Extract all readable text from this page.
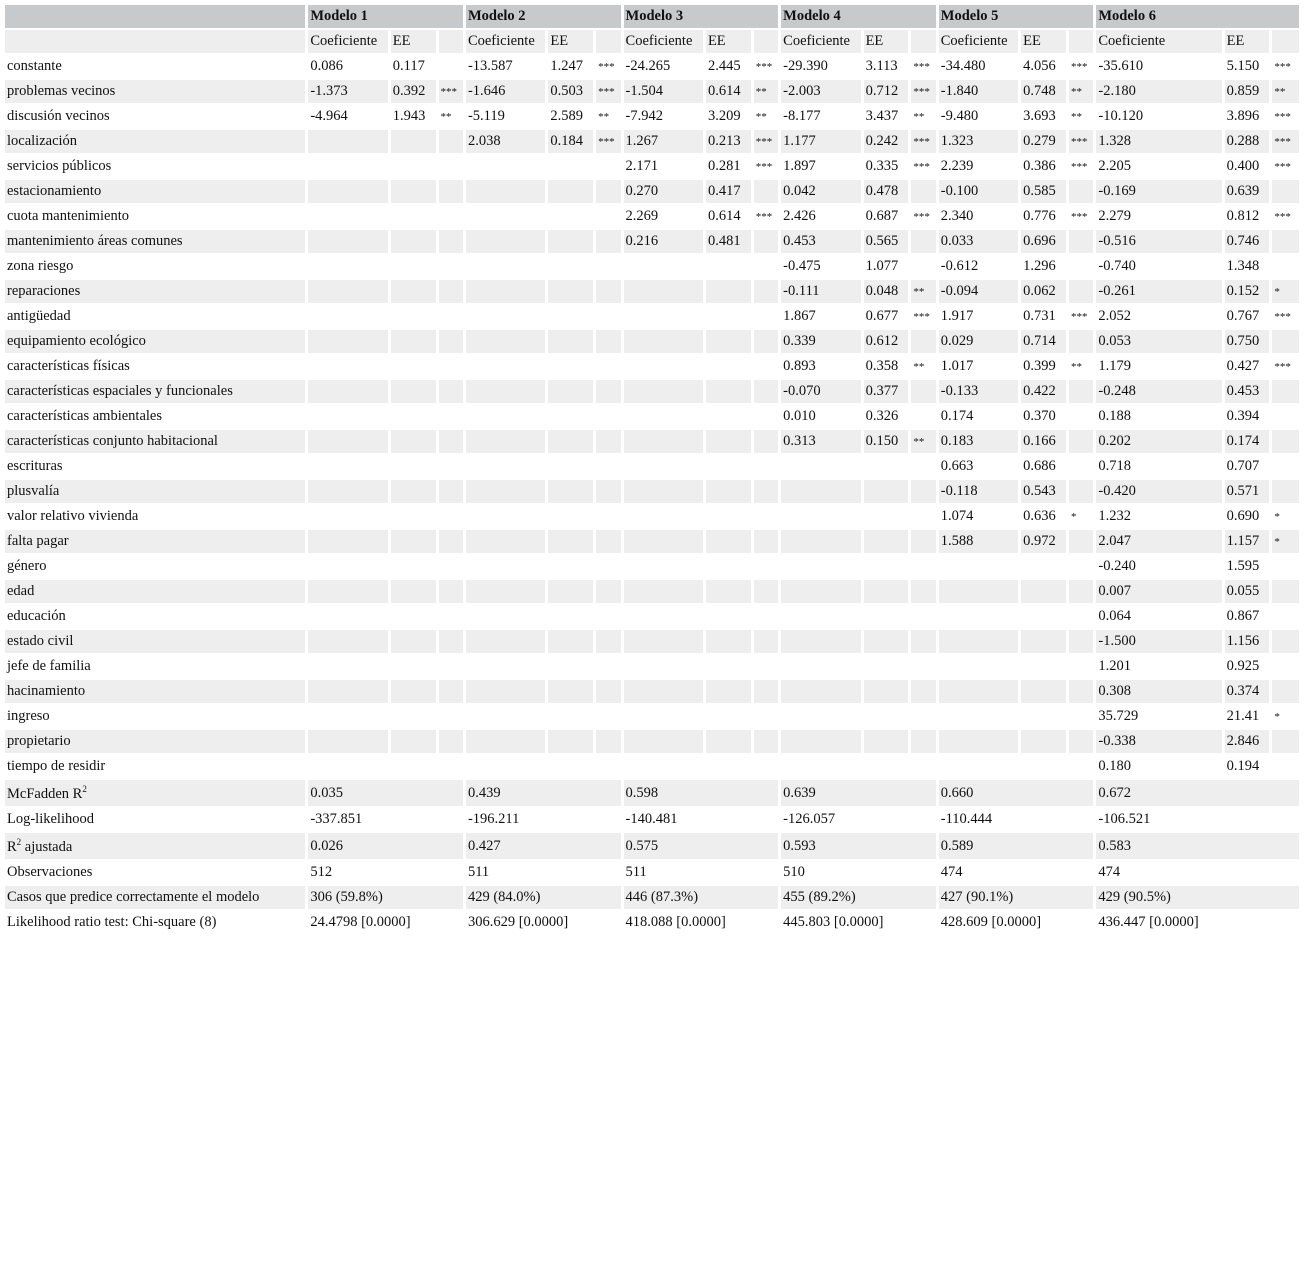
	Modelo 1			Modelo 2			Modelo 3			Modelo 4			Modelo 5			Modelo 6		
	Coeficiente	EE		Coeficiente	EE		Coeficiente	EE		Coeficiente	EE		Coeficiente	EE		Coeficiente	EE	
constante	0.086	0.117		-13.587	1.247	***	-24.265	2.445	***	-29.390	3.113	***	-34.480	4.056	***	-35.610	5.150	***
problemas vecinos	-1.373	0.392	***	-1.646	0.503	***	-1.504	0.614	**	-2.003	0.712	***	-1.840	0.748	**	-2.180	0.859	**
discusión vecinos	-4.964	1.943	**	-5.119	2.589	**	-7.942	3.209	**	-8.177	3.437	**	-9.480	3.693	**	-10.120	3.896	***
localización				2.038	0.184	***	1.267	0.213	***	1.177	0.242	***	1.323	0.279	***	1.328	0.288	***
servicios públicos							2.171	0.281	***	1.897	0.335	***	2.239	0.386	***	2.205	0.400	***
estacionamiento							0.270	0.417		0.042	0.478		-0.100	0.585		-0.169	0.639	
cuota mantenimiento							2.269	0.614	***	2.426	0.687	***	2.340	0.776	***	2.279	0.812	***
mantenimiento áreas comunes							0.216	0.481		0.453	0.565		0.033	0.696		-0.516	0.746	
zona riesgo										-0.475	1.077		-0.612	1.296		-0.740	1.348	
reparaciones										-0.111	0.048	**	-0.094	0.062		-0.261	0.152	*
antigüedad										1.867	0.677	***	1.917	0.731	***	2.052	0.767	***
equipamiento ecológico										0.339	0.612		0.029	0.714		0.053	0.750	
características físicas										0.893	0.358	**	1.017	0.399	**	1.179	0.427	***
características espaciales y funcionales										-0.070	0.377		-0.133	0.422		-0.248	0.453	
características ambientales										0.010	0.326		0.174	0.370		0.188	0.394	
características conjunto habitacional										0.313	0.150	**	0.183	0.166		0.202	0.174	
escrituras													0.663	0.686		0.718	0.707	
plusvalía													-0.118	0.543		-0.420	0.571	
valor relativo vivienda													1.074	0.636	*	1.232	0.690	*
falta pagar													1.588	0.972		2.047	1.157	*
género																-0.240	1.595	
edad																0.007	0.055	
educación																0.064	0.867	
estado civil																-1.500	1.156	
jefe de familia																1.201	0.925	
hacinamiento																0.308	0.374	
ingreso																35.729	21.41	*
propietario																-0.338	2.846	
tiempo de residir																0.180	0.194	
McFadden $R^2$	0.035			0.439			0.598			0.639			0.660			0.672		
Log-likelihood	-337.851			-196.211			-140.481			-126.057			-110.444			-106.521		
$R^2$ ajustada	0.026			0.427			0.575			0.593			0.589			0.583		
Observaciones	512			511			511			510			474			474		
Casos que predice correctamente el modelo	306 (59.8%)			429 (84.0%)			446 (87.3%)			455 (89.2%)			427 (90.1%)			429 (90.5%)		
Likelihood ratio test: Chi-square (8)	24.4798 [0.0000]			306.629 [0.0000]			418.088 [0.0000]			445.803 [0.0000]			428.609 [0.0000]			436.447 [0.0000]		
